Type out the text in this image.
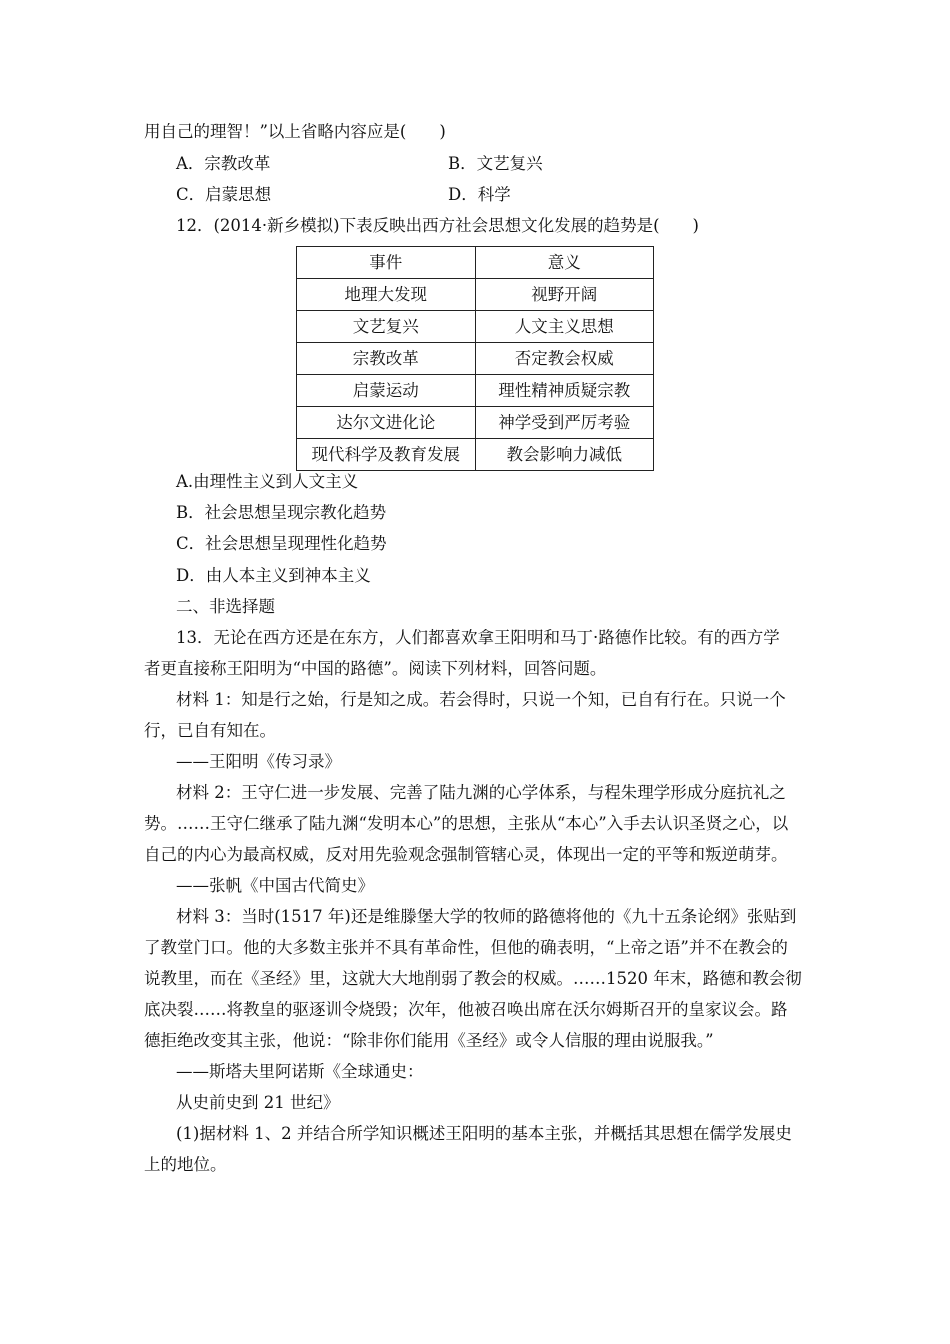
用自己的理智！”以上省略内容应是(　　)
A．宗教改革	B．文艺复兴
C．启蒙思想	D．科学
12．(2014·新乡模拟)下表反映出西方社会思想文化发展的趋势是(　　)
事件	意义
地理大发现	视野开阔
文艺复兴	人文主义思想
宗教改革	否定教会权威
启蒙运动	理性精神质疑宗教
达尔文进化论	神学受到严厉考验
现代科学及教育发展	教会影响力减低
A.由理性主义到人文主义
B．社会思想呈现宗教化趋势
C．社会思想呈现理性化趋势
D．由人本主义到神本主义
二、非选择题
13．无论在西方还是在东方，人们都喜欢拿王阳明和马丁·路德作比较。有的西方学
者更直接称王阳明为“中国的路德”。阅读下列材料，回答问题。
材料 1：知是行之始，行是知之成。若会得时，只说一个知，已自有行在。只说一个
行，已自有知在。
——王阳明《传习录》
材料 2：王守仁进一步发展、完善了陆九渊的心学体系，与程朱理学形成分庭抗礼之
势。……王守仁继承了陆九渊“发明本心”的思想，主张从“本心”入手去认识圣贤之心，以
自己的内心为最高权威，反对用先验观念强制管辖心灵，体现出一定的平等和叛逆萌芽。
——张帆《中国古代简史》
材料 3：当时(1517 年)还是维滕堡大学的牧师的路德将他的《九十五条论纲》张贴到
了教堂门口。他的大多数主张并不具有革命性，但他的确表明，“上帝之语”并不在教会的
说教里，而在《圣经》里，这就大大地削弱了教会的权威。……1520 年末，路德和教会彻
底决裂……将教皇的驱逐训令烧毁；次年，他被召唤出席在沃尔姆斯召开的皇家议会。路
德拒绝改变其主张，他说：“除非你们能用《圣经》或令人信服的理由说服我。”
——斯塔夫里阿诺斯《全球通史：
从史前史到 21 世纪》
(1)据材料 1、2 并结合所学知识概述王阳明的基本主张，并概括其思想在儒学发展史
上的地位。
